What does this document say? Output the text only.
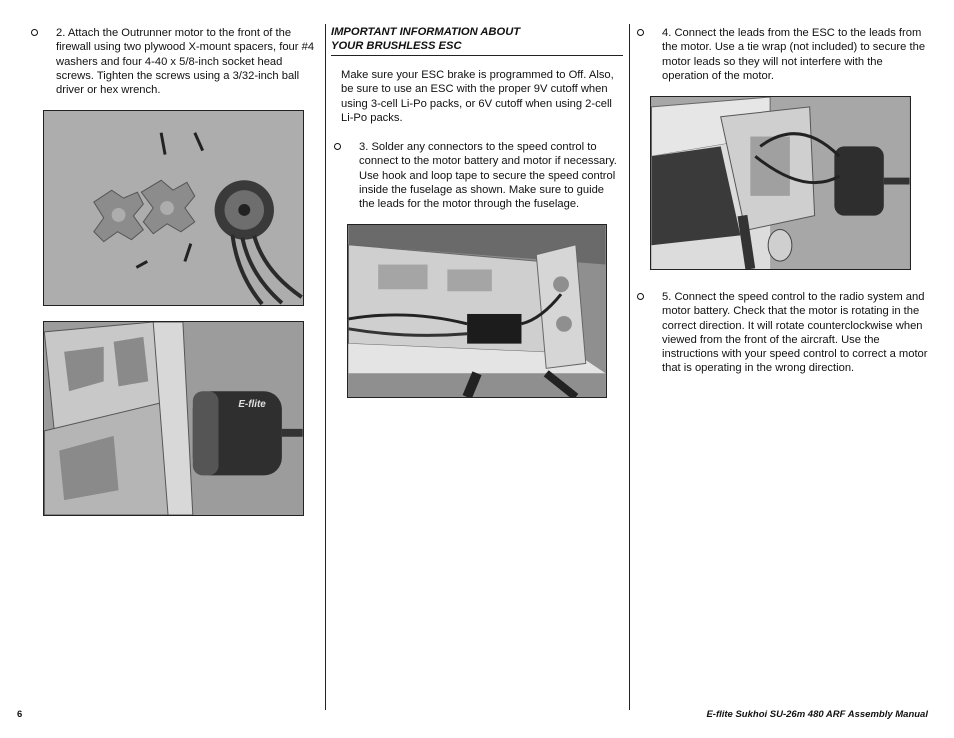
2. Attach the Outrunner motor to the front of the firewall using two plywood X-mount spacers, four #4 washers and four 4-40 x 5/8-inch socket head screws. Tighten the screws using a 3/32-inch ball driver or hex wrench.
E-flite
IMPORTANT INFORMATION ABOUT
YOUR BRUSHLESS ESC
Make sure your ESC brake is programmed to Off. Also, be sure to use an ESC with the proper 9V cutoff when using 3-cell Li-Po packs, or 6V cutoff when using 2-cell Li-Po packs.
3. Solder any connectors to the speed control to connect to the motor battery and motor if necessary. Use hook and loop tape to secure the speed control inside the fuselage as shown. Make sure to guide the leads for the motor through the fuselage.
4. Connect the leads from the ESC to the leads from the motor. Use a tie wrap (not included) to secure the motor leads so they will not interfere with the operation of the motor.
5. Connect the speed control to the radio system and motor battery. Check that the motor is rotating in the correct direction. It will rotate counterclockwise when viewed from the front of the aircraft. Use the instructions with your speed control to correct a motor that is operating in the wrong direction.
6	E-flite Sukhoi SU-26m 480 ARF Assembly Manual
